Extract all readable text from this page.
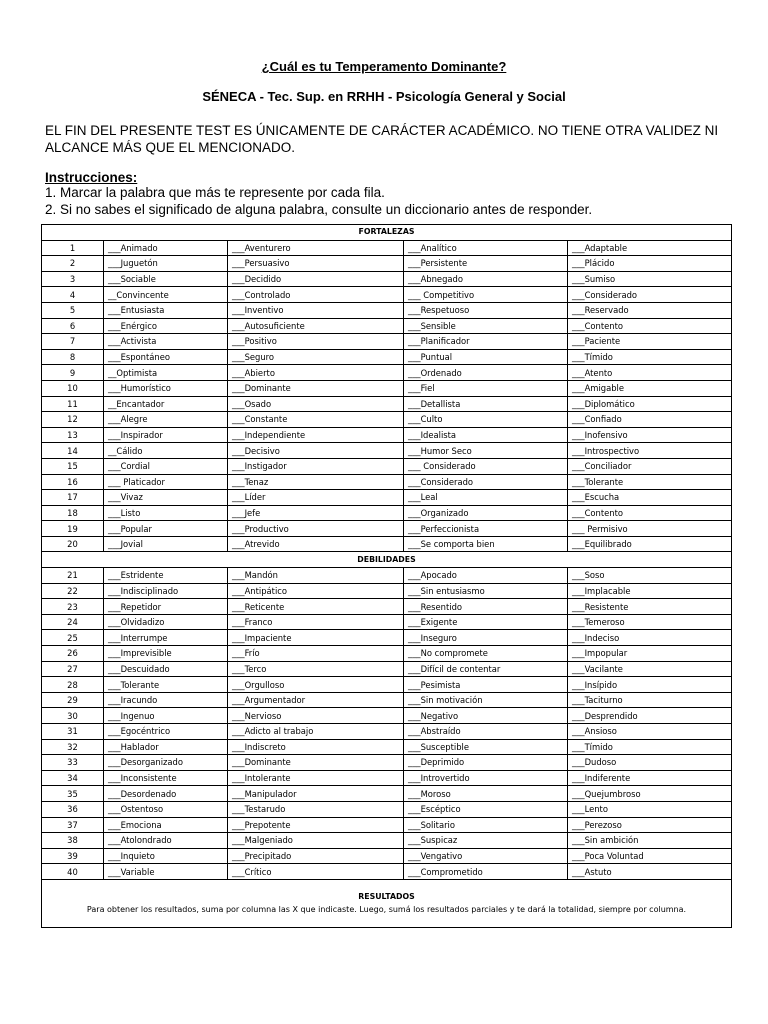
¿Cuál es tu Temperamento Dominante?
SÉNECA - Tec. Sup. en RRHH - Psicología General y Social
EL FIN DEL PRESENTE TEST ES ÚNICAMENTE DE CARÁCTER ACADÉMICO. NO TIENE OTRA VALIDEZ NI ALCANCE MÁS QUE EL MENCIONADO.
Instrucciones:
1. Marcar la palabra que más te represente por cada fila.
2. Si no sabes el significado de alguna palabra, consulte un diccionario antes de responder.
FORTALEZAS				
1	___Animado	___Aventurero	___Analítico	___Adaptable
2	___Juguetón	___Persuasivo	___Persistente	___Plácido
3	___Sociable	___Decidido	___Abnegado	___Sumiso
4	__Convincente	___Controlado	___ Competitivo	___Considerado
5	___Entusiasta	___Inventivo	___Respetuoso	___Reservado
6	___Enérgico	___Autosuficiente	___Sensible	___Contento
7	___Activista	___Positivo	___Planificador	___Paciente
8	___Espontáneo	___Seguro	___Puntual	___Tímido
9	__Optimista	___Abierto	___Ordenado	___Atento
10	___Humorístico	___Dominante	___Fiel	___Amigable
11	__Encantador	___Osado	___Detallista	___Diplomático
12	___Alegre	___Constante	___Culto	___Confiado
13	___Inspirador	___Independiente	___Idealista	___Inofensivo
14	__Cálido	___Decisivo	___Humor Seco	___Introspectivo
15	___Cordial	___Instigador	___ Considerado	___Conciliador
16	___ Platicador	___Tenaz	___Considerado	___Tolerante
17	___Vivaz	___Líder	___Leal	___Escucha
18	___Listo	___Jefe	___Organizado	___Contento
19	___Popular	___Productivo	___Perfeccionista	___ Permisivo
20	___Jovial	___Atrevido	___Se comporta bien	___Equilibrado
DEBILIDADES				
21	___Estridente	___Mandón	___Apocado	___Soso
22	___Indisciplinado	___Antipático	___Sin entusiasmo	___Implacable
23	___Repetidor	___Reticente	___Resentido	___Resistente
24	___Olvidadizo	___Franco	___Exigente	___Temeroso
25	___Interrumpe	___Impaciente	___Inseguro	___Indeciso
26	___Imprevisible	___Frío	___No compromete	___Impopular
27	___Descuidado	___Terco	___Difícil de contentar	___Vacilante
28	___Tolerante	___Orgulloso	___Pesimista	___Insípido
29	___Iracundo	___Argumentador	___Sin motivación	___Taciturno
30	___Ingenuo	___Nervioso	___Negativo	___Desprendido
31	___Egocéntrico	___Adicto al trabajo	___Abstraído	___Ansioso
32	___Hablador	___Indiscreto	___Susceptible	___Tímido
33	___Desorganizado	___Dominante	___Deprimido	___Dudoso
34	___Inconsistente	___Intolerante	___Introvertido	___Indiferente
35	___Desordenado	___Manipulador	___Moroso	___Quejumbroso
36	___Ostentoso	___Testarudo	___Escéptico	___Lento
37	___Emociona	___Prepotente	___Solitario	___Perezoso
38	___Atolondrado	___Malgeniado	___Suspicaz	___Sin ambición
39	___Inquieto	___Precipitado	___Vengativo	___Poca Voluntad
40	___Variable	___Crítico	___Comprometido	___Astuto

RESULTADOS
Para obtener los resultados, suma por columna las X que indicaste. Luego, sumá los resultados parciales y te dará la totalidad, siempre por columna.				
